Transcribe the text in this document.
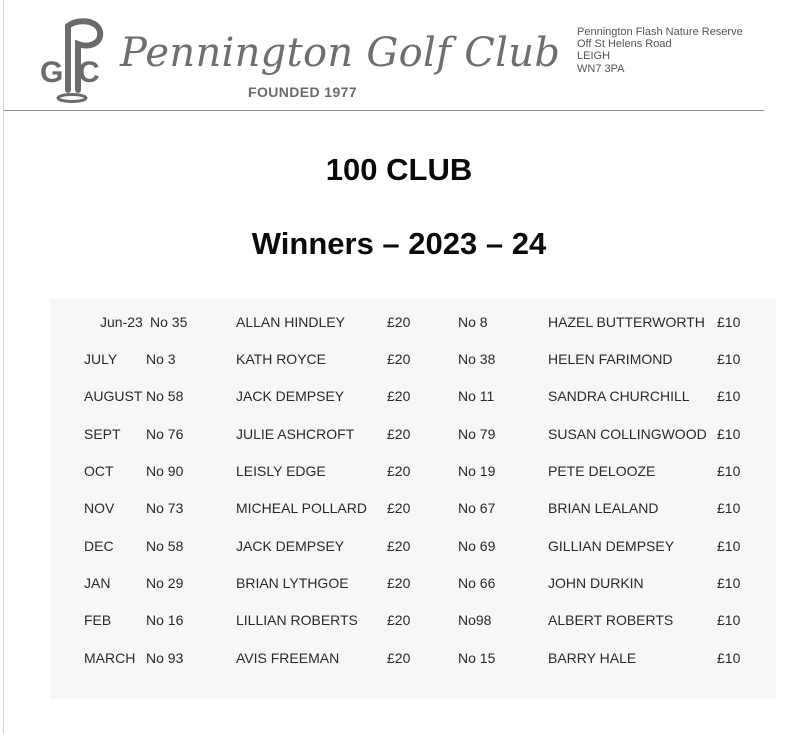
G C Pennington Golf Club
FOUNDED 1977
Pennington Flash Nature Reserve
Off St Helens Road
LEIGH
WN7 3PA
100 CLUB
Winners – 2023 – 24
Jun-23 No 35	ALLAN HINDLEY	£20	No 8	HAZEL BUTTERWORTH £10
JULY No 3	KATH ROYCE	£20	No 38	HELEN FARIMOND	£10
AUGUST No 58	JACK DEMPSEY	£20	No 11	SANDRA CHURCHILL £10
SEPT No 76	JULIE ASHCROFT £20	No 79	SUSAN COLLINGWOOD £10
OCT No 90	LEISLY EDGE	£20	No 19	PETE DELOOZE	£10
NOV No 73	MICHEAL POLLARD £20	No 67	BRIAN LEALAND	£10
DEC No 58	JACK DEMPSEY	£20	No 69	GILLIAN DEMPSEY	£10
JAN	No 29	BRIAN LYTHGOE	£20	No 66	JOHN DURKIN	£10
FEB No 16	LILLIAN ROBERTS £20	No98	ALBERT ROBERTS	£10
MARCH No 93	AVIS FREEMAN	£20	No 15	BARRY HALE	£10
